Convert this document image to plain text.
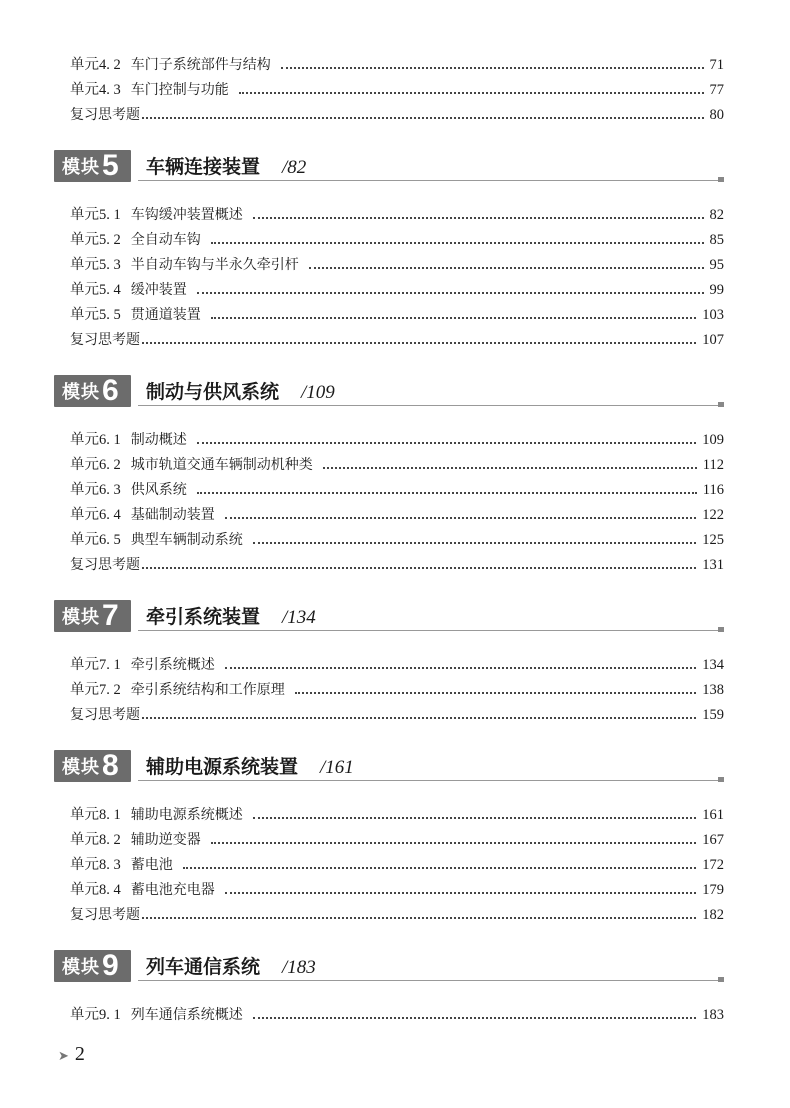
单元4. 2 车门子系统部件与结构	71
单元4. 3 车门控制与功能	77
复习思考题	80
模块 5 车辆连接装置 /82
单元5. 1 车钩缓冲装置概述	82
单元5. 2 全自动车钩	85
单元5. 3 半自动车钩与半永久牵引杆	95
单元5. 4 缓冲装置	99
单元5. 5 贯通道装置	103
复习思考题	107
模块 6 制动与供风系统 /109
单元6. 1 制动概述	109
单元6. 2 城市轨道交通车辆制动机种类	112
单元6. 3 供风系统	116
单元6. 4 基础制动装置	122
单元6. 5 典型车辆制动系统	125
复习思考题	131
模块 7 牵引系统装置 /134
单元7. 1 牵引系统概述	134
单元7. 2 牵引系统结构和工作原理	138
复习思考题	159
模块 8 辅助电源系统装置 /161
单元8. 1 辅助电源系统概述	161
单元8. 2 辅助逆变器	167
单元8. 3 蓄电池	172
单元8. 4 蓄电池充电器	179
复习思考题	182
模块 9 列车通信系统 /183
单元9. 1 列车通信系统概述	183
➤ 2
